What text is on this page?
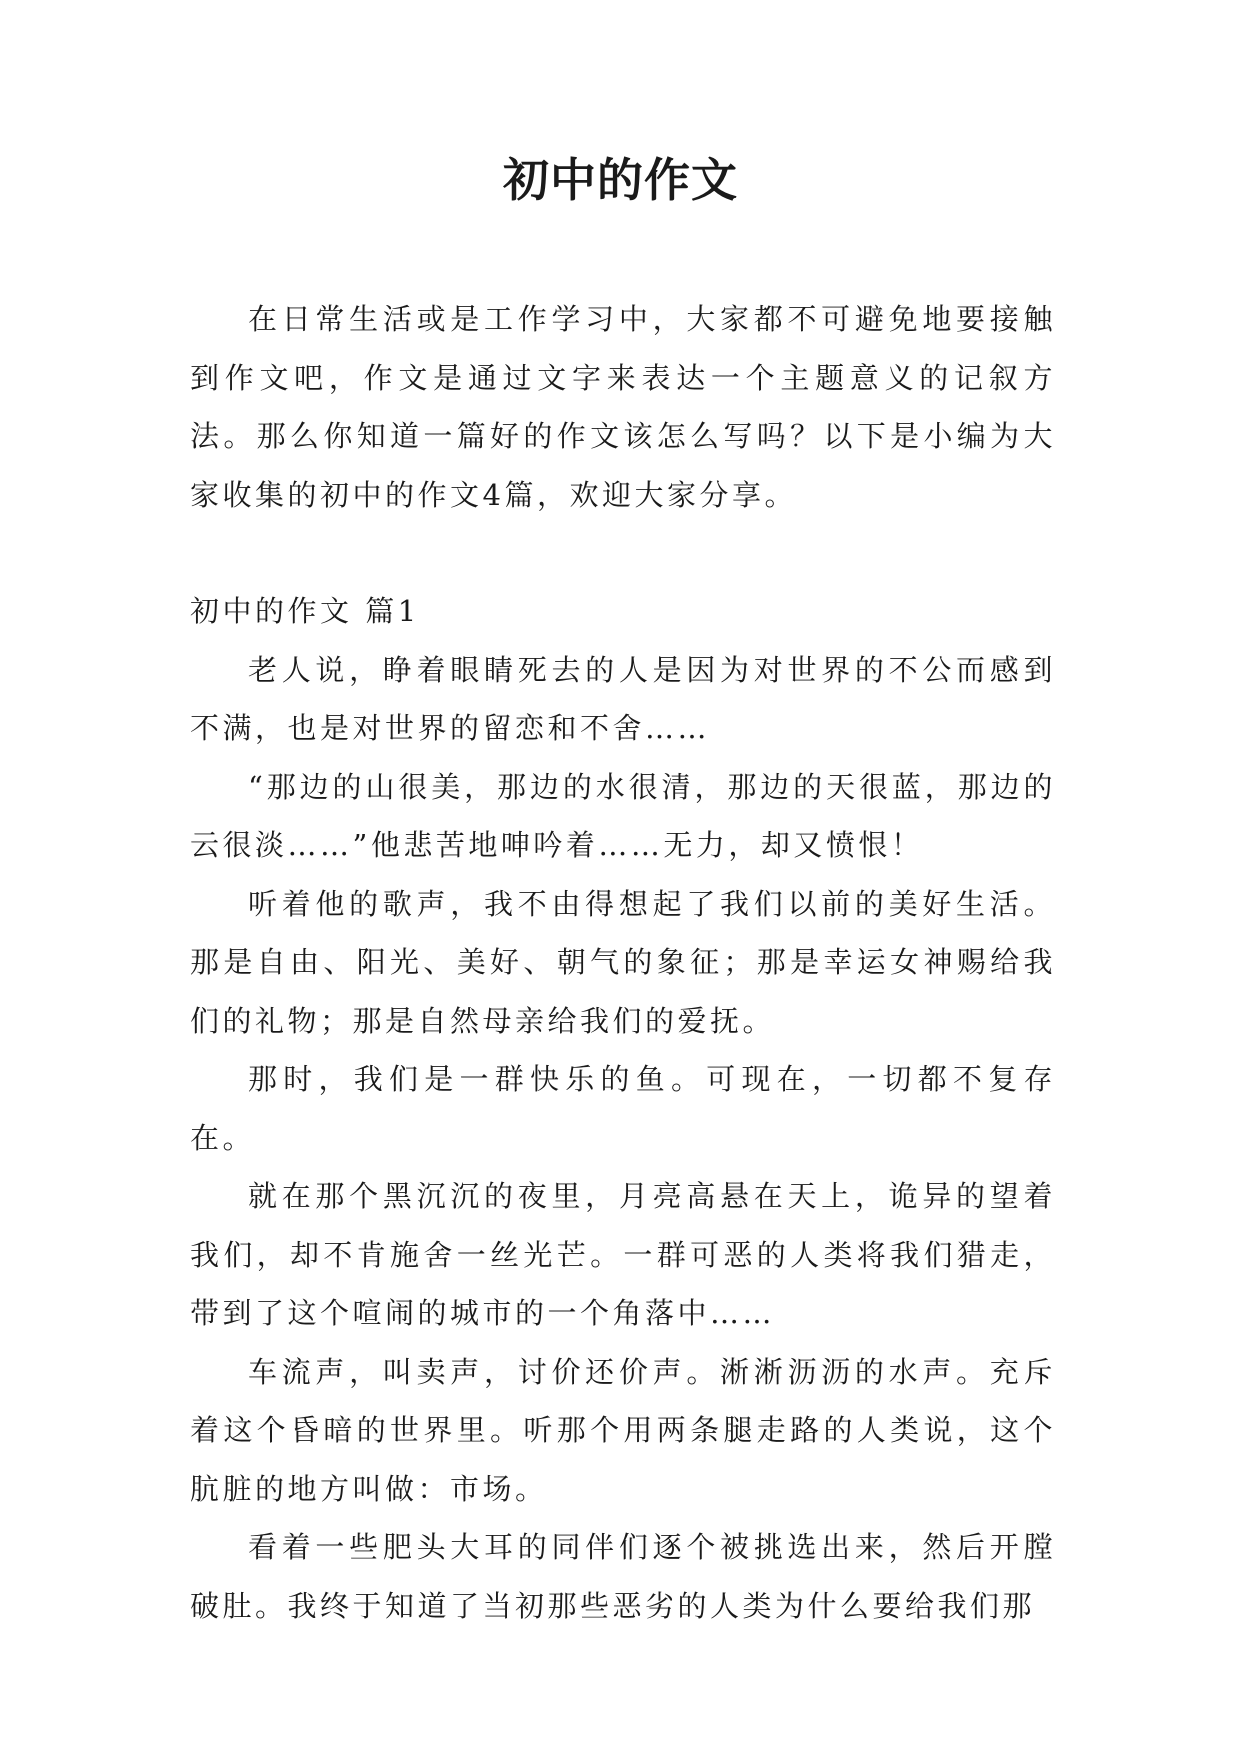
初中的作文

在日常生活或是工作学习中，大家都不可避免地要接触到作文吧，作文是通过文字来表达一个主题意义的记叙方法。那么你知道一篇好的作文该怎么写吗？以下是小编为大家收集的初中的作文4篇，欢迎大家分享。

初中的作文 篇1

老人说，睁着眼睛死去的人是因为对世界的不公而感到不满，也是对世界的留恋和不舍……

“那边的山很美，那边的水很清，那边的天很蓝，那边的云很淡……”他悲苦地呻吟着……无力，却又愤恨！

听着他的歌声，我不由得想起了我们以前的美好生活。那是自由、阳光、美好、朝气的象征；那是幸运女神赐给我们的礼物；那是自然母亲给我们的爱抚。

那时，我们是一群快乐的鱼。可现在，一切都不复存在。

就在那个黑沉沉的夜里，月亮高悬在天上，诡异的望着我们，却不肯施舍一丝光芒。一群可恶的人类将我们猎走，带到了这个喧闹的城市的一个角落中……

车流声，叫卖声，讨价还价声。淅淅沥沥的水声。充斥着这个昏暗的世界里。听那个用两条腿走路的人类说，这个肮脏的地方叫做：市场。

看着一些肥头大耳的同伴们逐个被挑选出来，然后开膛破肚。我终于知道了当初那些恶劣的人类为什么要给我们那
